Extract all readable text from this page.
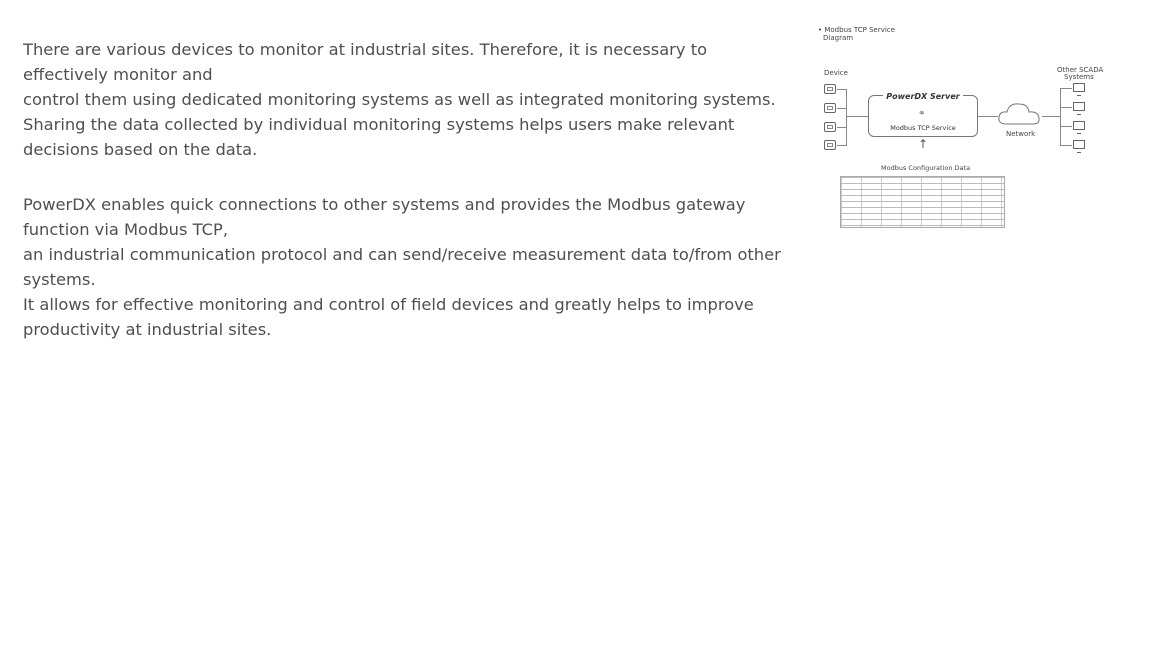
There are various devices to monitor at industrial sites. Therefore, it is necessary to
effectively monitor and
control them using dedicated monitoring systems as well as integrated monitoring systems.
Sharing the data collected by individual monitoring systems helps users make relevant
decisions based on the data.
PowerDX enables quick connections to other systems and provides the Modbus gateway
function via Modbus TCP,
an industrial communication protocol and can send/receive measurement data to/from other
systems.
It allows for effective monitoring and control of field devices and greatly helps to improve
productivity at industrial sites.
• Modbus TCP Service
Diagram
Device
PowerDX Server
⚭
Modbus TCP Service
Network
Other SCADA
Systems
↑
Modbus Configuration Data
